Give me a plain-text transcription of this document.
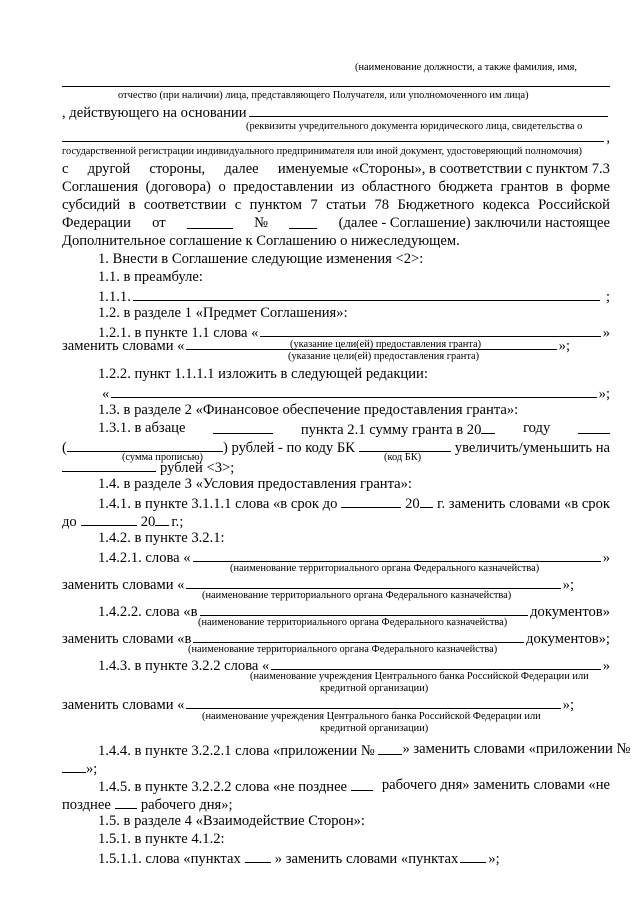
(наименование должности, а также фамилия, имя,
отчество (при наличии) лица, представляющего Получателя, или уполномоченного им лица)
, действующего на основании
(реквизиты учредительного документа юридического лица, свидетельства о
,
государственной регистрации индивидуального предпринимателя или иной документ, удостоверяющий полномочия)
с другой стороны, далее именуемые «Стороны», в соответствии с пунктом 7.3
Соглашения (договора) о предоставлении из областного бюджета грантов в форме
субсидий в соответствии с пунктом 7 статьи 78 Бюджетного кодекса Российской
Федерации от	№	(далее - Соглашение) заключили настоящее
Дополнительное соглашение к Соглашению о нижеследующем.
1. Внести в Соглашение следующие изменения <2>:
1.1. в преамбуле:
1.1.1.	;
1.2. в разделе 1 «Предмет Соглашения»:
1.2.1. в пункте 1.1 слова «	»
(указание цели(ей) предоставления гранта)
заменить словами «	»;
(указание цели(ей) предоставления гранта)
1.2.2. пункт 1.1.1.1 изложить в следующей редакции:
«	»;
1.3. в разделе 2 «Финансовое обеспечение предоставления гранта»:
1.3.1. в абзаце	пункта 2.1 сумму гранта в 20	году
(	) рублей - по коду БК	увеличить/уменьшить на
(сумма прописью)	(код БК)
рублей <3>;
1.4. в разделе 3 «Условия предоставления гранта»:
1.4.1. в пункте 3.1.1.1 слова «в срок до	20 г. заменить словами «в срок
до	20 г.;
1.4.2. в пункте 3.2.1:
1.4.2.1. слова «	»
(наименование территориального органа Федерального казначейства)
заменить словами «	»;
(наименование территориального органа Федерального казначейства)
1.4.2.2. слова «в	документов»
(наименование территориального органа Федерального казначейства)
заменить словами «в	документов»;
(наименование территориального органа Федерального казначейства)
1.4.3. в пункте 3.2.2 слова «	»
(наименование учреждения Центрального банка Российской Федерации или
кредитной организации)
заменить словами «	»;
(наименование учреждения Центрального банка Российской Федерации или
кредитной организации)
1.4.4. в пункте 3.2.2.1 слова «приложении №	» заменить словами «приложении №
»;
1.4.5. в пункте 3.2.2.2 слова «не позднее	рабочего дня» заменить словами «не
позднее рабочего дня»;
1.5. в разделе 4 «Взаимодействие Сторон»:
1.5.1. в пункте 4.1.2:
1.5.1.1. слова «пунктах » заменить словами «пунктах »;
